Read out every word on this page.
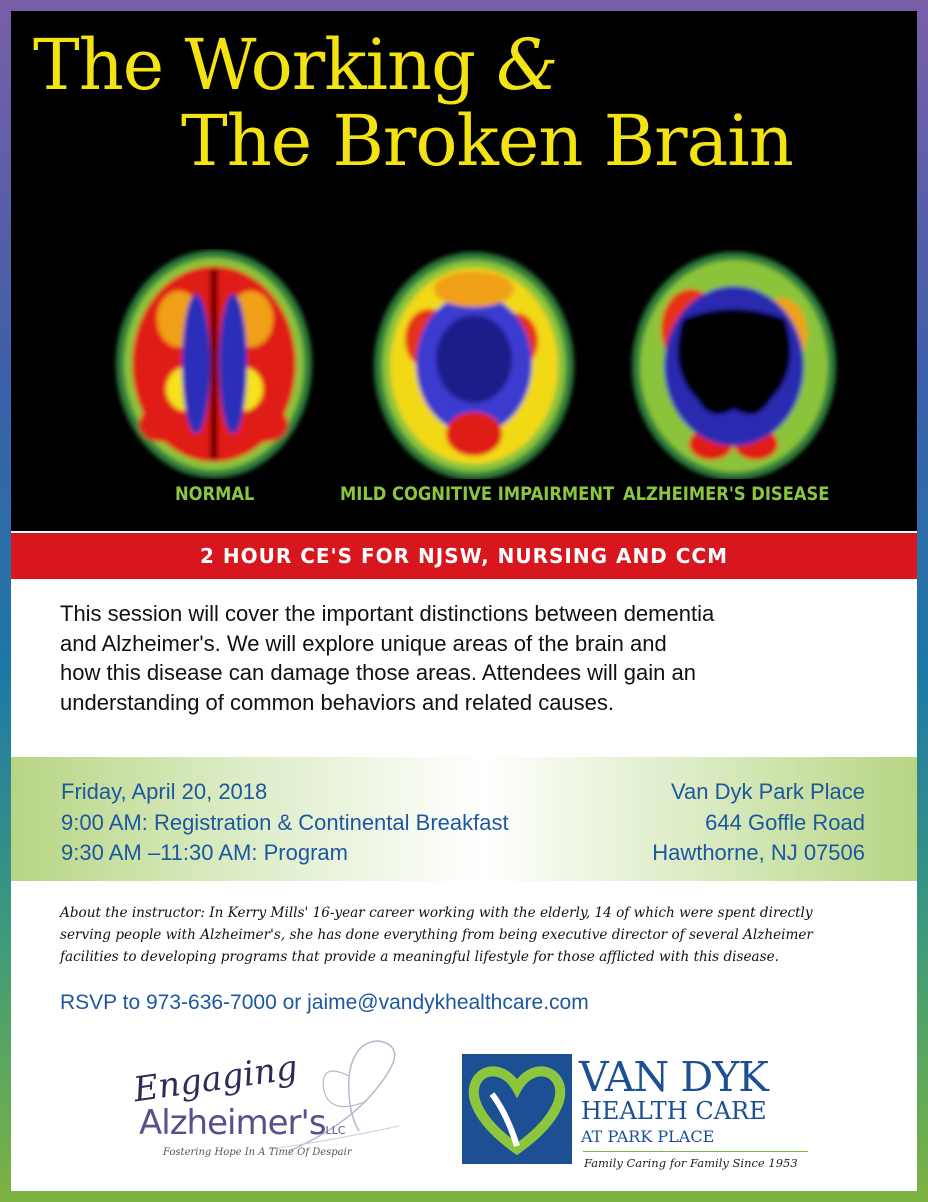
The Working &
The Broken Brain
NORMAL	MILD COGNITIVE IMPAIRMENT ALZHEIMER'S DISEASE
2 HOUR CE'S FOR NJSW, NURSING AND CCM
This session will cover the important distinctions between dementia
and Alzheimer's. We will explore unique areas of the brain and
how this disease can damage those areas. Attendees will gain an
understanding of common behaviors and related causes.
Friday, April 20, 2018
9:00 AM: Registration & Continental Breakfast
9:30 AM –11:30 AM: Program
Van Dyk Park Place
644 Goffle Road
Hawthorne, NJ 07506
About the instructor: In Kerry Mills' 16-year career working with the elderly, 14 of which were spent directly
serving people with Alzheimer's, she has done everything from being executive director of several Alzheimer
facilities to developing programs that provide a meaningful lifestyle for those afflicted with this disease.
RSVP to 973-636-7000 or jaime@vandykhealthcare.com
Engaging
Alzheimer'sLLC
Fostering Hope In A Time Of Despair
VAN DYK
HEALTH CARE
AT PARK PLACE
Family Caring for Family Since 1953
